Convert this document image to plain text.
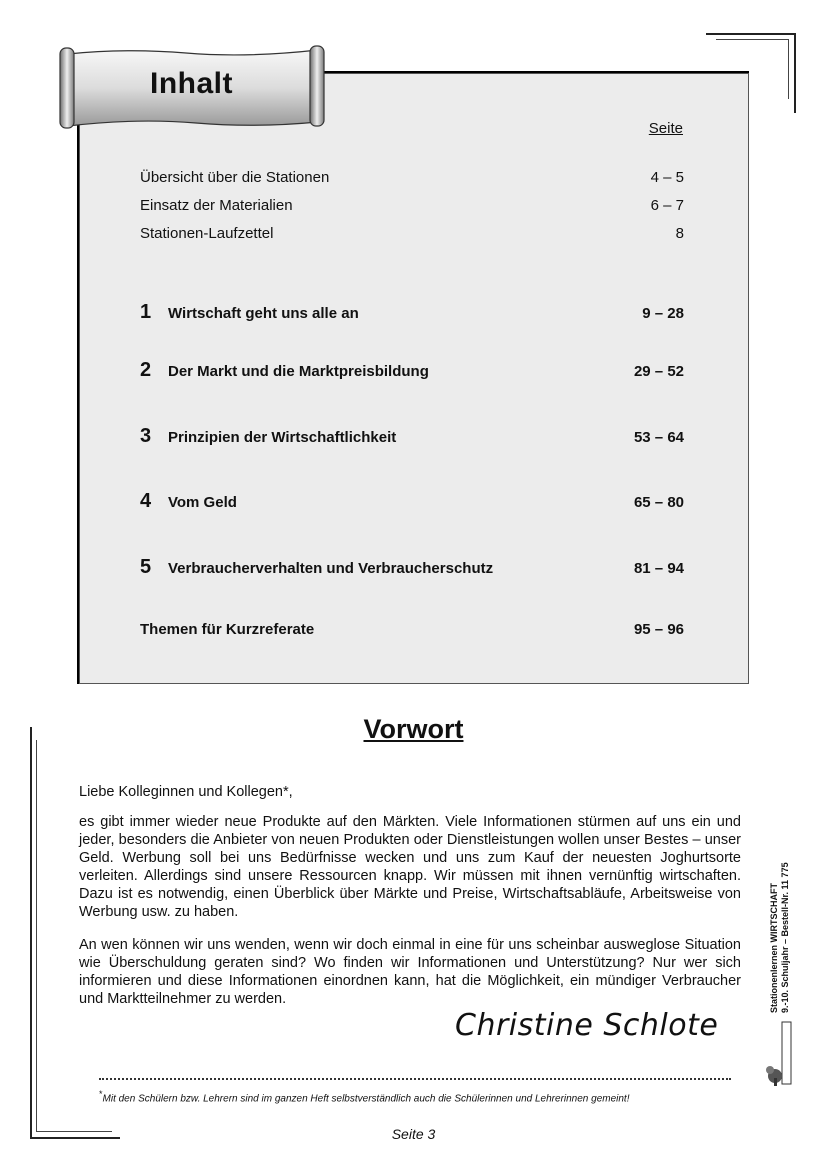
Inhalt
Seite
Übersicht über die Stationen	4 – 5
Einsatz der Materialien	6 – 7
Stationen-Laufzettel	8
1 Wirtschaft geht uns alle an	9 – 28
2 Der Markt und die Marktpreisbildung	29 – 52
3 Prinzipien der Wirtschaftlichkeit	53 – 64
4 Vom Geld	65 – 80
5 Verbraucherverhalten und Verbraucherschutz	81 – 94
Themen für Kurzreferate	95 – 96
Vorwort

Liebe Kolleginnen und Kollegen*,

es gibt immer wieder neue Produkte auf den Märkten. Viele Informationen stürmen auf uns ein und jeder, besonders die Anbieter von neuen Produkten oder Dienstleistungen wollen unser Bestes – unser Geld. Werbung soll bei uns Bedürfnisse wecken und uns zum Kauf der neuesten Joghurtsorte verleiten. Allerdings sind unsere Ressourcen knapp. Wir müssen mit ihnen vernünftig wirtschaften. Dazu ist es notwendig, einen Überblick über Märkte und Preise, Wirtschaftsabläufe, Arbeitsweise von Werbung usw. zu haben.

An wen können wir uns wenden, wenn wir doch einmal in eine für uns scheinbar ausweglose Situation wie Überschuldung geraten sind? Wo finden wir Informationen und Unterstützung? Nur wer sich informieren und diese Informationen einordnen kann, hat die Möglichkeit, ein mündiger Verbraucher und Marktteilnehmer zu werden.

Christine Schlote
*Mit den Schülern bzw. Lehrern sind im ganzen Heft selbstverständlich auch die Schülerinnen und Lehrerinnen gemeint!
Seite 3
Stationenlernen WIRTSCHAFT 9.-10. Schuljahr – Bestell-Nr. 11 775
